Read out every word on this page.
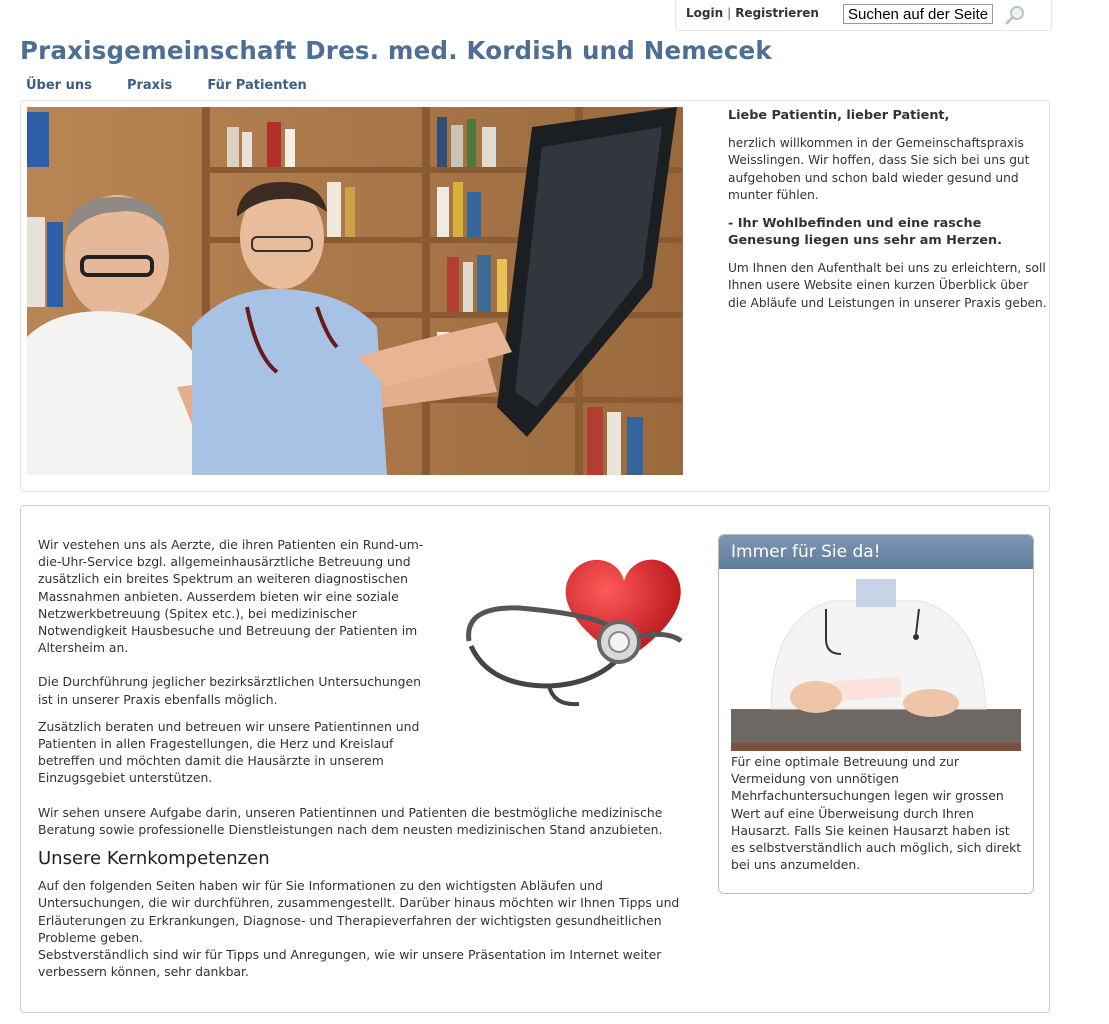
Login | Registrieren
Suchen auf der Seite
Praxisgemeinschaft Dres. med. Kordish und Nemecek
Über uns	Praxis	Für Patienten

Liebe Patientin, lieber Patient,

herzlich willkommen in der Gemeinschaftspraxis Weisslingen. Wir hoffen, dass Sie sich bei uns gut aufgehoben und schon bald wieder gesund und munter fühlen.

- Ihr Wohlbefinden und eine rasche Genesung liegen uns sehr am Herzen.

Um Ihnen den Aufenthalt bei uns zu erleichtern, soll Ihnen usere Website einen kurzen Überblick über die Abläufe und Leistungen in unserer Praxis geben.

Wir vestehen uns als Aerzte, die ihren Patienten ein Rund-um-die-Uhr-Service bzgl. allgemeinhausärztliche Betreuung und zusätzlich ein breites Spektrum an weiteren diagnostischen Massnahmen anbieten. Ausserdem bieten wir eine soziale Netzwerkbetreuung (Spitex etc.), bei medizinischer Notwendigkeit Hausbesuche und Betreuung der Patienten im Altersheim an.

Die Durchführung jeglicher bezirksärztlichen Untersuchungen ist in unserer Praxis ebenfalls möglich.

Zusätzlich beraten und betreuen wir unsere Patientinnen und Patienten in allen Fragestellungen, die Herz und Kreislauf betreffen und möchten damit die Hausärzte in unserem Einzugsgebiet unterstützen.

Wir sehen unsere Aufgabe darin, unseren Patientinnen und Patienten die bestmögliche medizinische Beratung sowie professionelle Dienstleistungen nach dem neusten medizinischen Stand anzubieten.

Unsere Kernkompetenzen

Auf den folgenden Seiten haben wir für Sie Informationen zu den wichtigsten Abläufen und Untersuchungen, die wir durchführen, zusammengestellt. Darüber hinaus möchten wir Ihnen Tipps und Erläuterungen zu Erkrankungen, Diagnose- und Therapieverfahren der wichtigsten gesundheitlichen Probleme geben.

Sebstverständlich sind wir für Tipps und Anregungen, wie wir unsere Präsentation im Internet weiter verbessern können, sehr dankbar.

Immer für Sie da!
Für eine optimale Betreuung und zur Vermeidung von unnötigen Mehrfachuntersuchungen legen wir grossen Wert auf eine Überweisung durch Ihren Hausarzt. Falls Sie keinen Hausarzt haben ist es selbstverständlich auch möglich, sich direkt bei uns anzumelden.
